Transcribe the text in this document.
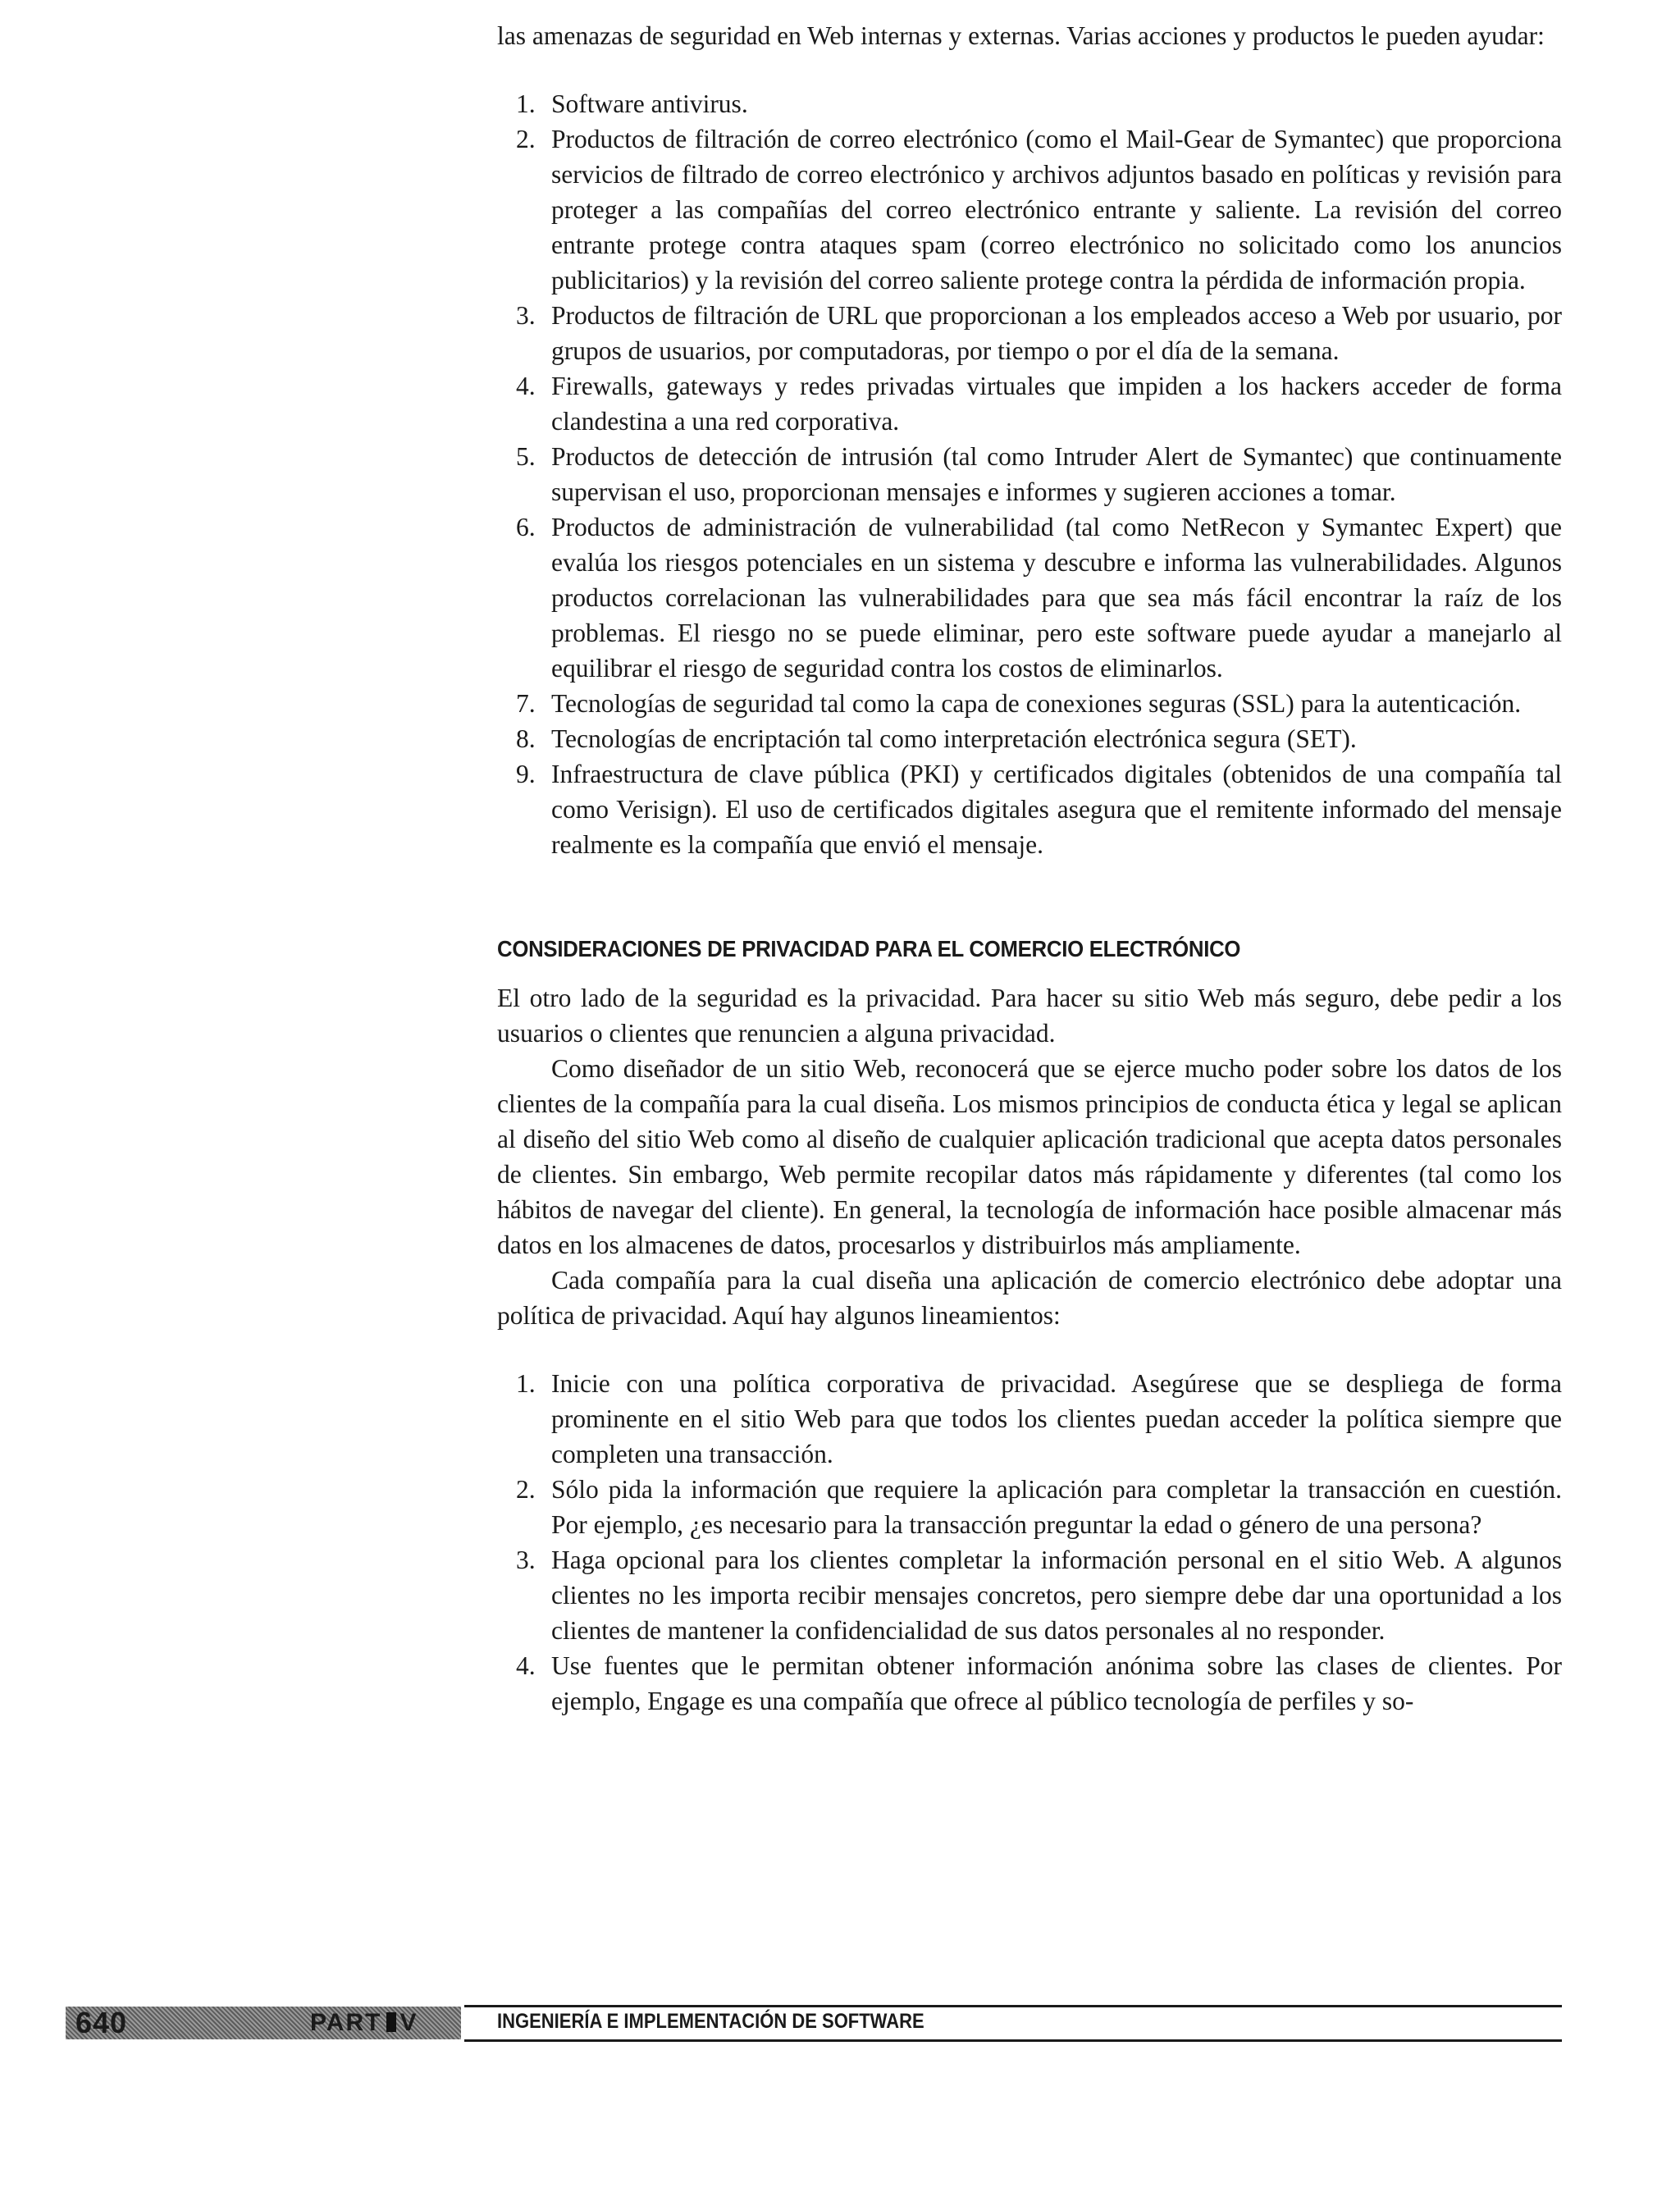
las amenazas de seguridad en Web internas y externas. Varias acciones y productos le pueden ayudar:

1. Software antivirus.
2. Productos de filtración de correo electrónico (como el Mail-Gear de Symantec) que proporciona servicios de filtrado de correo electrónico y archivos adjuntos basado en políticas y revisión para proteger a las compañías del correo electrónico entrante y saliente. La revisión del correo entrante protege contra ataques spam (correo electrónico no solicitado como los anuncios publicitarios) y la revisión del correo saliente protege contra la pérdida de información propia.
3. Productos de filtración de URL que proporcionan a los empleados acceso a Web por usuario, por grupos de usuarios, por computadoras, por tiempo o por el día de la semana.
4. Firewalls, gateways y redes privadas virtuales que impiden a los hackers acceder de forma clandestina a una red corporativa.
5. Productos de detección de intrusión (tal como Intruder Alert de Symantec) que continuamente supervisan el uso, proporcionan mensajes e informes y sugieren acciones a tomar.
6. Productos de administración de vulnerabilidad (tal como NetRecon y Symantec Expert) que evalúa los riesgos potenciales en un sistema y descubre e informa las vulnerabilidades. Algunos productos correlacionan las vulnerabilidades para que sea más fácil encontrar la raíz de los problemas. El riesgo no se puede eliminar, pero este software puede ayudar a manejarlo al equilibrar el riesgo de seguridad contra los costos de eliminarlos.
7. Tecnologías de seguridad tal como la capa de conexiones seguras (SSL) para la autenticación.
8. Tecnologías de encriptación tal como interpretación electrónica segura (SET).
9. Infraestructura de clave pública (PKI) y certificados digitales (obtenidos de una compañía tal como Verisign). El uso de certificados digitales asegura que el remitente informado del mensaje realmente es la compañía que envió el mensaje.
CONSIDERACIONES DE PRIVACIDAD PARA EL COMERCIO ELECTRÓNICO

El otro lado de la seguridad es la privacidad. Para hacer su sitio Web más seguro, debe pedir a los usuarios o clientes que renuncien a alguna privacidad.

Como diseñador de un sitio Web, reconocerá que se ejerce mucho poder sobre los datos de los clientes de la compañía para la cual diseña. Los mismos principios de conducta ética y legal se aplican al diseño del sitio Web como al diseño de cualquier aplicación tradicional que acepta datos personales de clientes. Sin embargo, Web permite recopilar datos más rápidamente y diferentes (tal como los hábitos de navegar del cliente). En general, la tecnología de información hace posible almacenar más datos en los almacenes de datos, procesarlos y distribuirlos más ampliamente.

Cada compañía para la cual diseña una aplicación de comercio electrónico debe adoptar una política de privacidad. Aquí hay algunos lineamientos:

1. Inicie con una política corporativa de privacidad. Asegúrese que se despliega de forma prominente en el sitio Web para que todos los clientes puedan acceder la política siempre que completen una transacción.
2. Sólo pida la información que requiere la aplicación para completar la transacción en cuestión. Por ejemplo, ¿es necesario para la transacción preguntar la edad o género de una persona?
3. Haga opcional para los clientes completar la información personal en el sitio Web. A algunos clientes no les importa recibir mensajes concretos, pero siempre debe dar una oportunidad a los clientes de mantener la confidencialidad de sus datos personales al no responder.
4. Use fuentes que le permitan obtener información anónima sobre las clases de clientes. Por ejemplo, Engage es una compañía que ofrece al público tecnología de perfiles y so-
640	PART V	INGENIERÍA E IMPLEMENTACIÓN DE SOFTWARE
